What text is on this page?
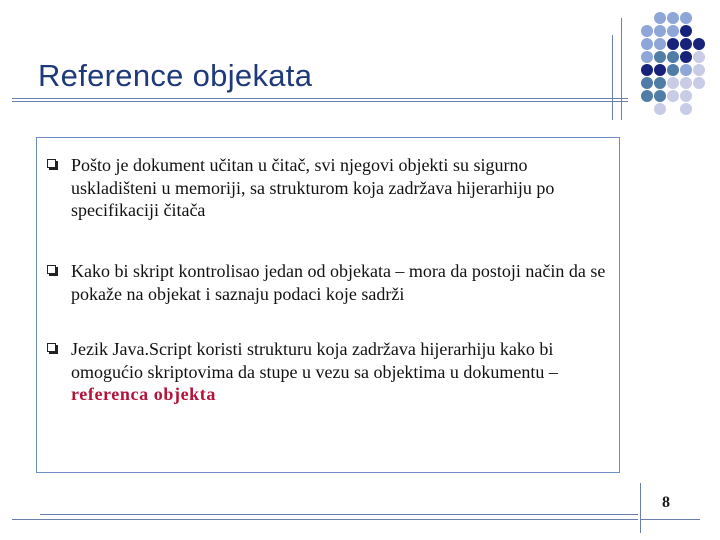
Reference objekata
Pošto je dokument učitan u čitač, svi njegovi objekti su sigurno uskladišteni u memoriji, sa strukturom koja zadržava hijerarhiju po specifikaciji čitača
Kako bi skript kontrolisao jedan od objekata – mora da postoji način da se pokaže na objekat i saznaju podaci koje sadrži
Jezik Java.Script koristi strukturu koja zadržava hijerarhiju kako bi omogućio skriptovima da stupe u vezu sa objektima u dokumentu – referenca objekta
8
